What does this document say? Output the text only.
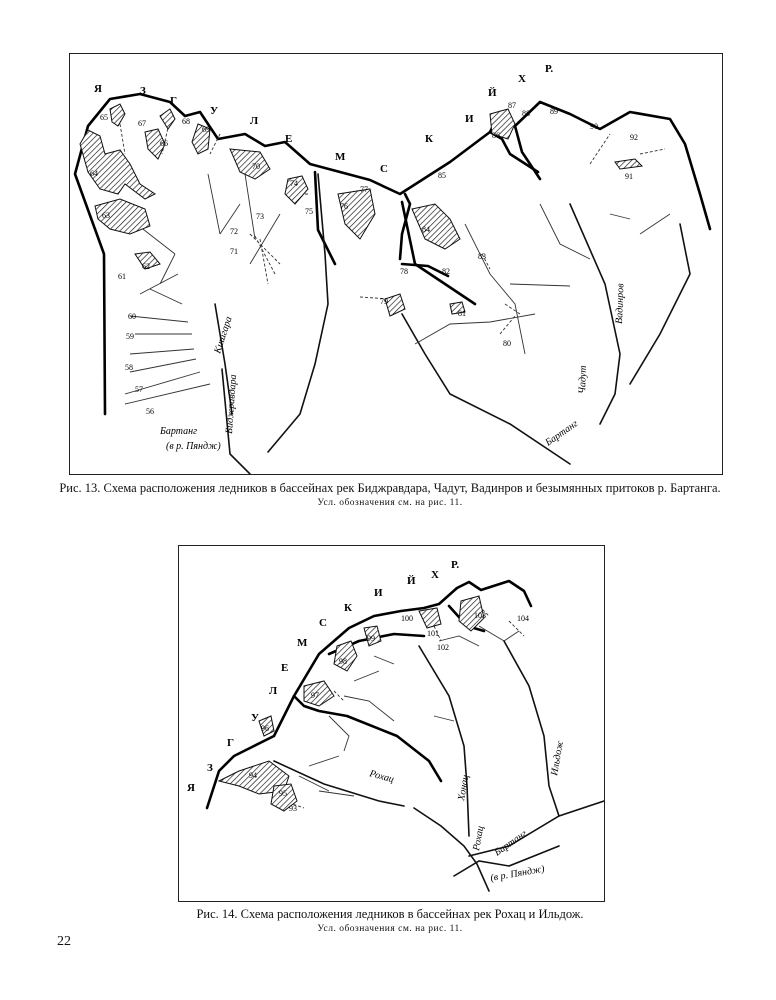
65
64
63
67
66
68
69
70
62
61
60
59
58
57
56
71
72
73
74
75
76
77
78
79
80
81
82
83
84
85
86
87
88	89
90
91
92
Я	З
Г
У
Л
Е
М
С
К
И
Й
Х
Р.
Кишгара
Биджравдара
Бартанг
(в р. Пяндж)
Чадут
Вадинров
Бартанг
Рис. 13. Схема расположения ледников в бассейнах рек Биджравдара, Чадут, Вадинров и безымянных притоков р. Бартанга.
Усл. обозначения см. на рис. 11.
93
94
95
96
97
98
99
100
101
102
103	104
Я
З
Г
У
Л
Е
М
С
К
И
Й Х
Р.
Рохац	Хонац
Рохац
Ильдож
Бартанг
(в р. Пяндж)
Рис. 14. Схема расположения ледников в бассейнах рек Рохац и Ильдож.
Усл. обозначения см. на рис. 11.
22
